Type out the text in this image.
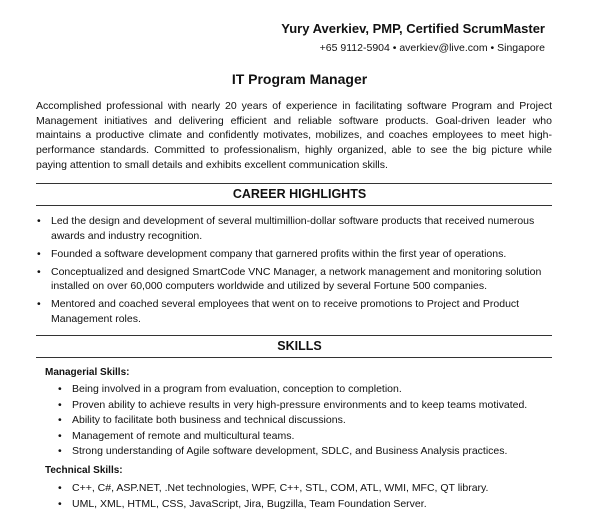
Yury Averkiev, PMP, Certified ScrumMaster
+65 9112-5904 • averkiev@live.com • Singapore
IT Program Manager
Accomplished professional with nearly 20 years of experience in facilitating software Program and Project Management initiatives and delivering efficient and reliable software products. Goal-driven leader who maintains a productive climate and confidently motivates, mobilizes, and coaches employees to meet high-performance standards. Committed to professionalism, highly organized, able to see the big picture while paying attention to small details and exhibits excellent communication skills.
CAREER HIGHLIGHTS
• Led the design and development of several multimillion-dollar software products that received numerous awards and industry recognition.
• Founded a software development company that garnered profits within the first year of operations.
• Conceptualized and designed SmartCode VNC Manager, a network management and monitoring solution installed on over 60,000 computers worldwide and utilized by several Fortune 500 companies.
• Mentored and coached several employees that went on to receive promotions to Project and Product Management roles.
SKILLS
Managerial Skills:
• Being involved in a program from evaluation, conception to completion.
• Proven ability to achieve results in very high-pressure environments and to keep teams motivated.
• Ability to facilitate both business and technical discussions.
• Management of remote and multicultural teams.
• Strong understanding of Agile software development, SDLC, and Business Analysis practices.
Technical Skills:
• C++, C#, ASP.NET, .Net technologies, WPF, C++, STL, COM, ATL, WMI, MFC, QT library.
• UML, XML, HTML, CSS, JavaScript, Jira, Bugzilla, Team Foundation Server.
